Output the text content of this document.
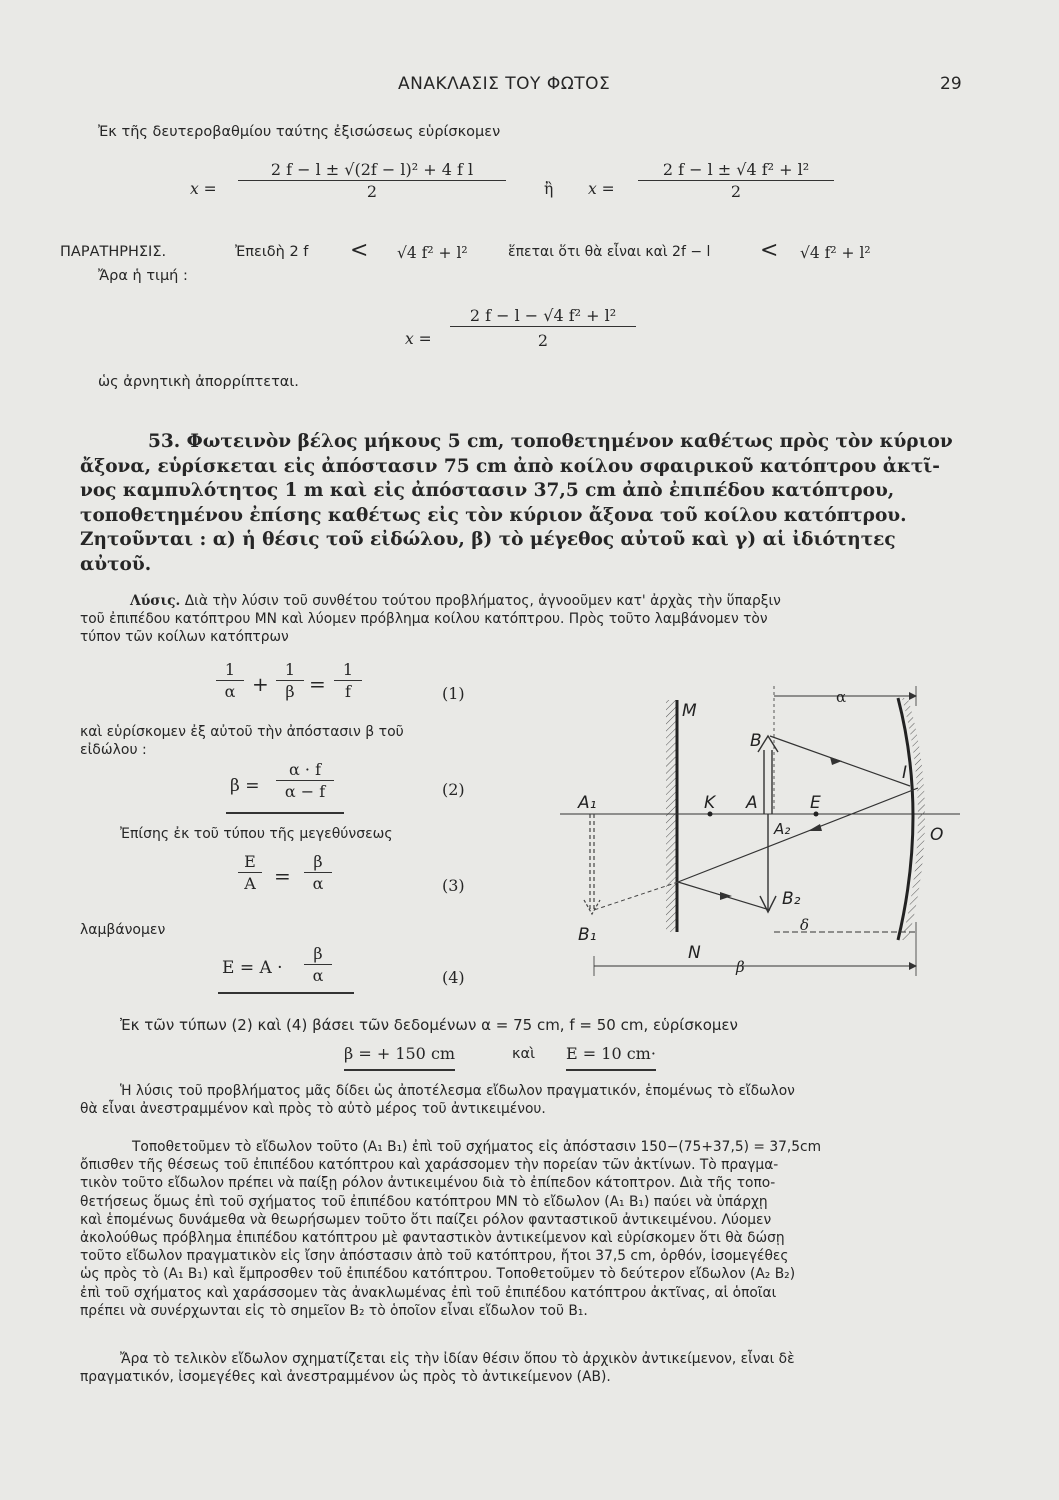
ΑΝΑΚΛΑΣΙΣ ΤΟΥ ΦΩΤΟΣ	29
Ἐκ τῆς δευτεροβαθμίου ταύτης ἐξισώσεως εὑρίσκομεν
x =
2 f − l ± √(2f − l)² + 4 f l
2	ἢ x =
2 f − l ± √4 f² + l²
2
ΠΑΡΑΤΗΡΗΣΙΣ.	Ἐπειδὴ 2 f < √4 f² + l²	ἕπεται ὅτι θὰ εἶναι καὶ 2f − l < √4 f² + l²
Ἄρα ἡ τιμή :
x =
2 f − l − √4 f² + l²
2
ὡς ἀρνητικὴ ἀπορρίπτεται.
53. Φωτεινὸν βέλος μήκους 5 cm, τοποθετημένον καθέτως πρὸς τὸν κύριον
ἄξονα, εὑρίσκεται εἰς ἀπόστασιν 75 cm ἀπὸ κοίλου σφαιρικοῦ κατόπτρου ἀκτῖ-
νος καμπυλότητος 1 m καὶ εἰς ἀπόστασιν 37,5 cm ἀπὸ ἐπιπέδου κατόπτρου,
τοποθετημένου ἐπίσης καθέτως εἰς τὸν κύριον ἄξονα τοῦ κοίλου κατόπτρου.
Ζητοῦνται : α) ἡ θέσις τοῦ εἰδώλου, β) τὸ μέγεθος αὐτοῦ καὶ γ) αἱ ἰδιότητες
αὐτοῦ.
Λύσις. Διὰ τὴν λύσιν τοῦ συνθέτου τούτου προβλήματος, ἀγνοοῦμεν κατ' ἀρχὰς τὴν ὕπαρξιν
τοῦ ἐπιπέδου κατόπτρου ΜΝ καὶ λύομεν πρόβλημα κοίλου κατόπτρου. Πρὸς τοῦτο λαμβάνομεν τὸν
τύπον τῶν κοίλων κατόπτρων
1
α +
1
β =
1
f	(1)
καὶ εὑρίσκομεν ἐξ αὐτοῦ τὴν ἀπόστασιν β τοῦ
εἰδώλου :
β =
α · f
α − f	(2)
Ἐπίσης ἐκ τοῦ τύπου τῆς μεγεθύνσεως
E
A =
β
α	(3)
λαμβάνομεν
E = A ·
β
α	(4)
M
N
B
A₁	K A	E
A₂
I
O
B₂
B₁
α
δ
β
Ἐκ τῶν τύπων (2) καὶ (4) βάσει τῶν δεδομένων α = 75 cm, f = 50 cm, εὑρίσκομεν
β = + 150 cm	καὶ E = 10 cm·
Ἡ λύσις τοῦ προβλήματος μᾶς δίδει ὡς ἀποτέλεσμα εἴδωλον πραγματικόν, ἑπομένως τὸ εἴδωλον
θὰ εἶναι ἀνεστραμμένον καὶ πρὸς τὸ αὐτὸ μέρος τοῦ ἀντικειμένου.
Τοποθετοῦμεν τὸ εἴδωλον τοῦτο (A₁ B₁) ἐπὶ τοῦ σχήματος εἰς ἀπόστασιν 150−(75+37,5) = 37,5cm
ὄπισθεν τῆς θέσεως τοῦ ἐπιπέδου κατόπτρου καὶ χαράσσομεν τὴν πορείαν τῶν ἀκτίνων. Τὸ πραγμα-
τικὸν τοῦτο εἴδωλον πρέπει νὰ παίξῃ ρόλον ἀντικειμένου διὰ τὸ ἐπίπεδον κάτοπτρον. Διὰ τῆς τοπο-
θετήσεως ὅμως ἐπὶ τοῦ σχήματος τοῦ ἐπιπέδου κατόπτρου MN τὸ εἴδωλον (A₁ B₁) παύει νὰ ὑπάρχῃ
καὶ ἑπομένως δυνάμεθα νὰ θεωρήσωμεν τοῦτο ὅτι παίζει ρόλον φανταστικοῦ ἀντικειμένου. Λύομεν
ἀκολούθως πρόβλημα ἐπιπέδου κατόπτρου μὲ φανταστικὸν ἀντικείμενον καὶ εὑρίσκομεν ὅτι θὰ δώσῃ
τοῦτο εἴδωλον πραγματικὸν εἰς ἴσην ἀπόστασιν ἀπὸ τοῦ κατόπτρου, ἤτοι 37,5 cm, ὀρθόν, ἰσομεγέθες
ὡς πρὸς τὸ (A₁ B₁) καὶ ἔμπροσθεν τοῦ ἐπιπέδου κατόπτρου. Τοποθετοῦμεν τὸ δεύτερον εἴδωλον (A₂ B₂)
ἐπὶ τοῦ σχήματος καὶ χαράσσομεν τὰς ἀνακλωμένας ἐπὶ τοῦ ἐπιπέδου κατόπτρου ἀκτῖνας, αἱ ὁποῖαι
πρέπει νὰ συνέρχωνται εἰς τὸ σημεῖον B₂ τὸ ὁποῖον εἶναι εἴδωλον τοῦ B₁.
Ἄρα τὸ τελικὸν εἴδωλον σχηματίζεται εἰς τὴν ἰδίαν θέσιν ὅπου τὸ ἀρχικὸν ἀντικείμενον, εἶναι δὲ
πραγματικόν, ἰσομεγέθες καὶ ἀνεστραμμένον ὡς πρὸς τὸ ἀντικείμενον (AB).
